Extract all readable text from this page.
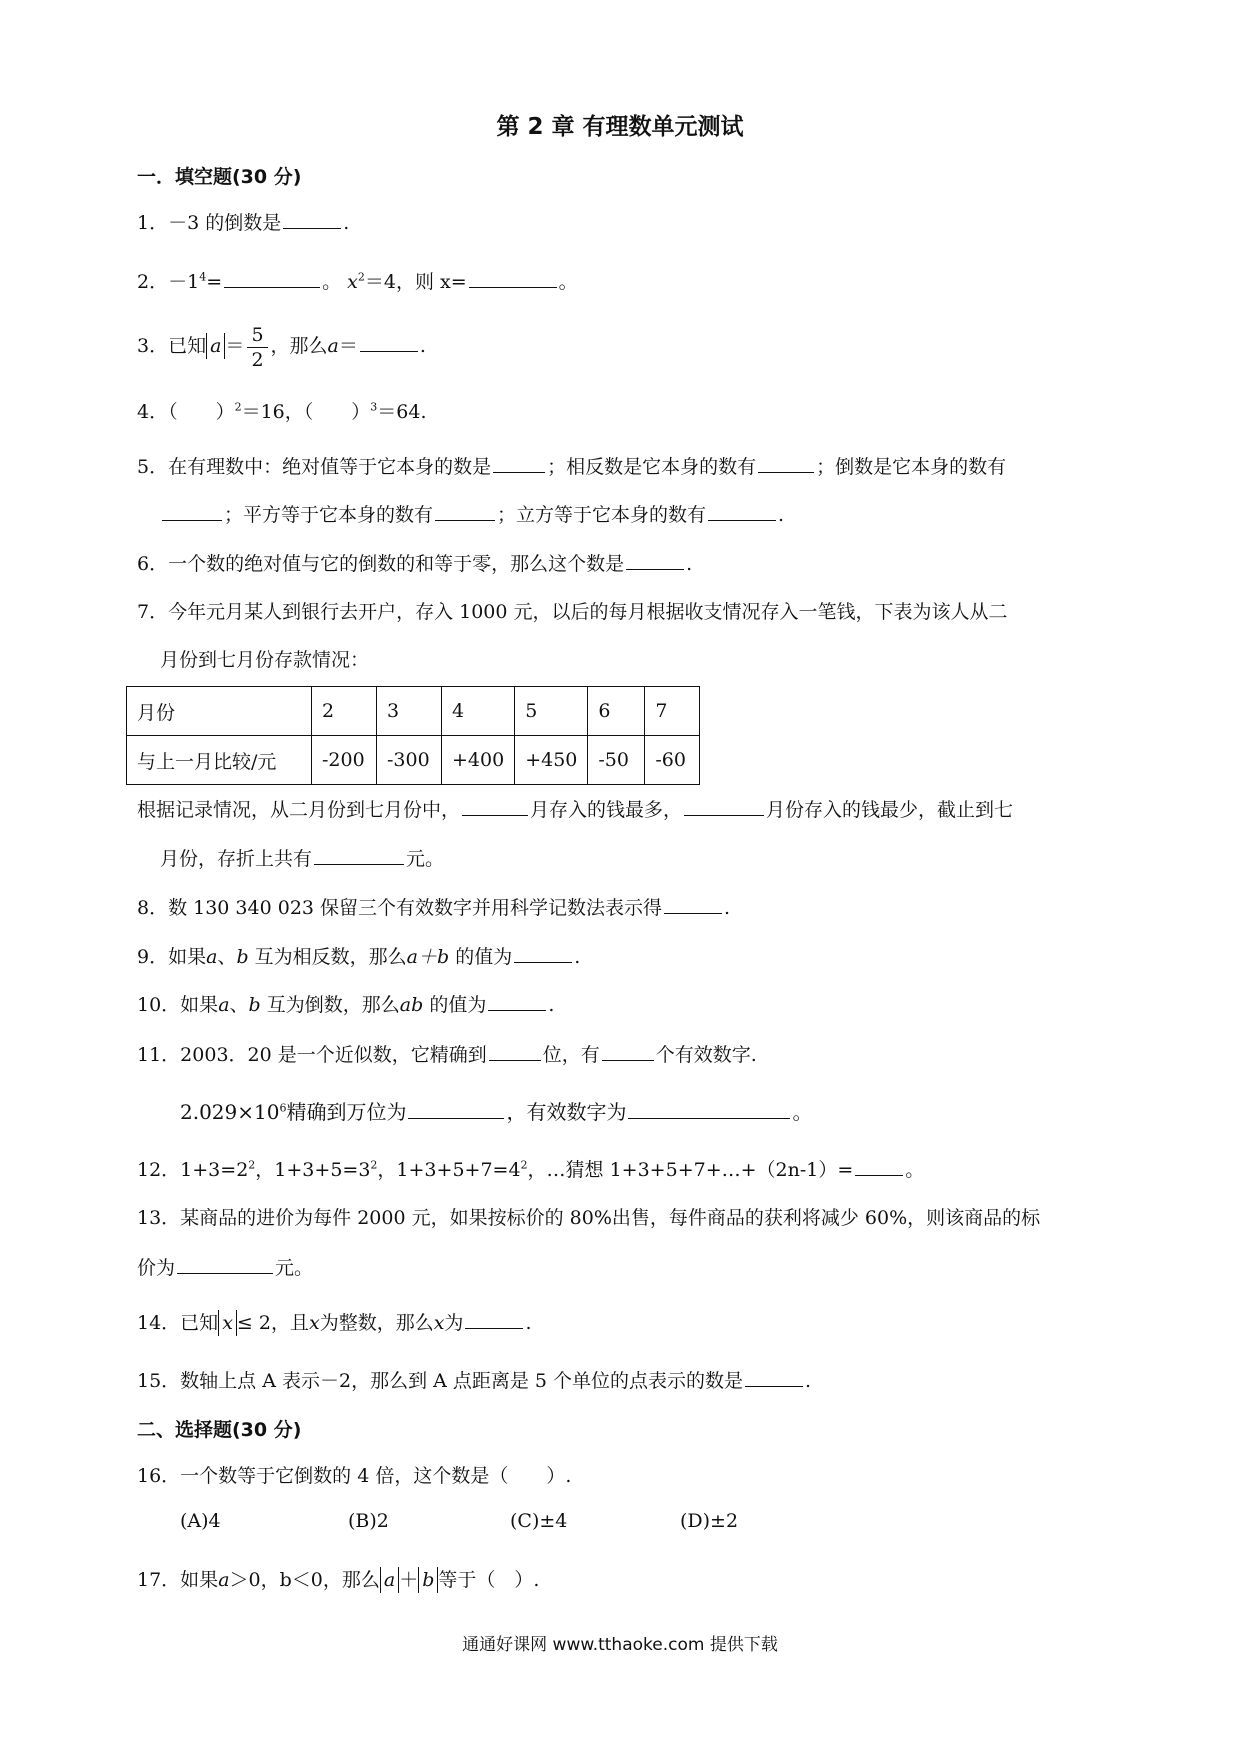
第 2 章 有理数单元测试
一．填空题(30 分)
1．－3 的倒数是	.
2．$-1^4=$	。 $x^2=4$，则 x=	。
3．已知 $a = \frac{5}{2}$ ，那么a＝	.
4．（　　）$^2$＝16，（　　）$^3$＝64.
5．在有理数中：绝对值等于它本身的数是	；相反数是它本身的数有	；倒数是它本身的数有
；平方等于它本身的数有	；立方等于它本身的数有	.
6．一个数的绝对值与它的倒数的和等于零，那么这个数是	.
7．今年元月某人到银行去开户，存入 1000 元，以后的每月根据收支情况存入一笔钱，下表为该人从二
月份到七月份存款情况：
月份	2	3	4	5	6	7
与上一月比较/元	-200	-300	+400	+450	-50	-60
根据记录情况，从二月份到七月份中，	月存入的钱最多，	月份存入的钱最少，截止到七
月份，存折上共有	元。
8．数 130 340 023 保留三个有效数字并用科学记数法表示得	.
9．如果a、b 互为相反数，那么a＋b 的值为	.
10．如果a、b 互为倒数，那么ab 的值为	.
11．2003．20 是一个近似数，它精确到	位，有	个有效数字.
$2.029\times 10^6$精确到万位为	，有效数字为	。
12．$1+3=2^2$，$1+3+5=3^2$，$1+3+5+7=4^2$，…猜想 1+3+5+7+…+（2n-1）=	。
13．某商品的进价为每件 2000 元，如果按标价的 80%出售，每件商品的获利将减少 60%，则该商品的标
价为	元。
14．已知 x ≤ 2，且x为整数，那么x为	.
15．数轴上点 A 表示－2，那么到 A 点距离是 5 个单位的点表示的数是	.
二、选择题(30 分)
16．一个数等于它倒数的 4 倍，这个数是（　　）.
(A)4	(B)2	(C)±4	(D)±2
17．如果a＞0，b＜0，那么 a ＋ b 等于（　）.
通通好课网 www.tthaoke.com 提供下载
